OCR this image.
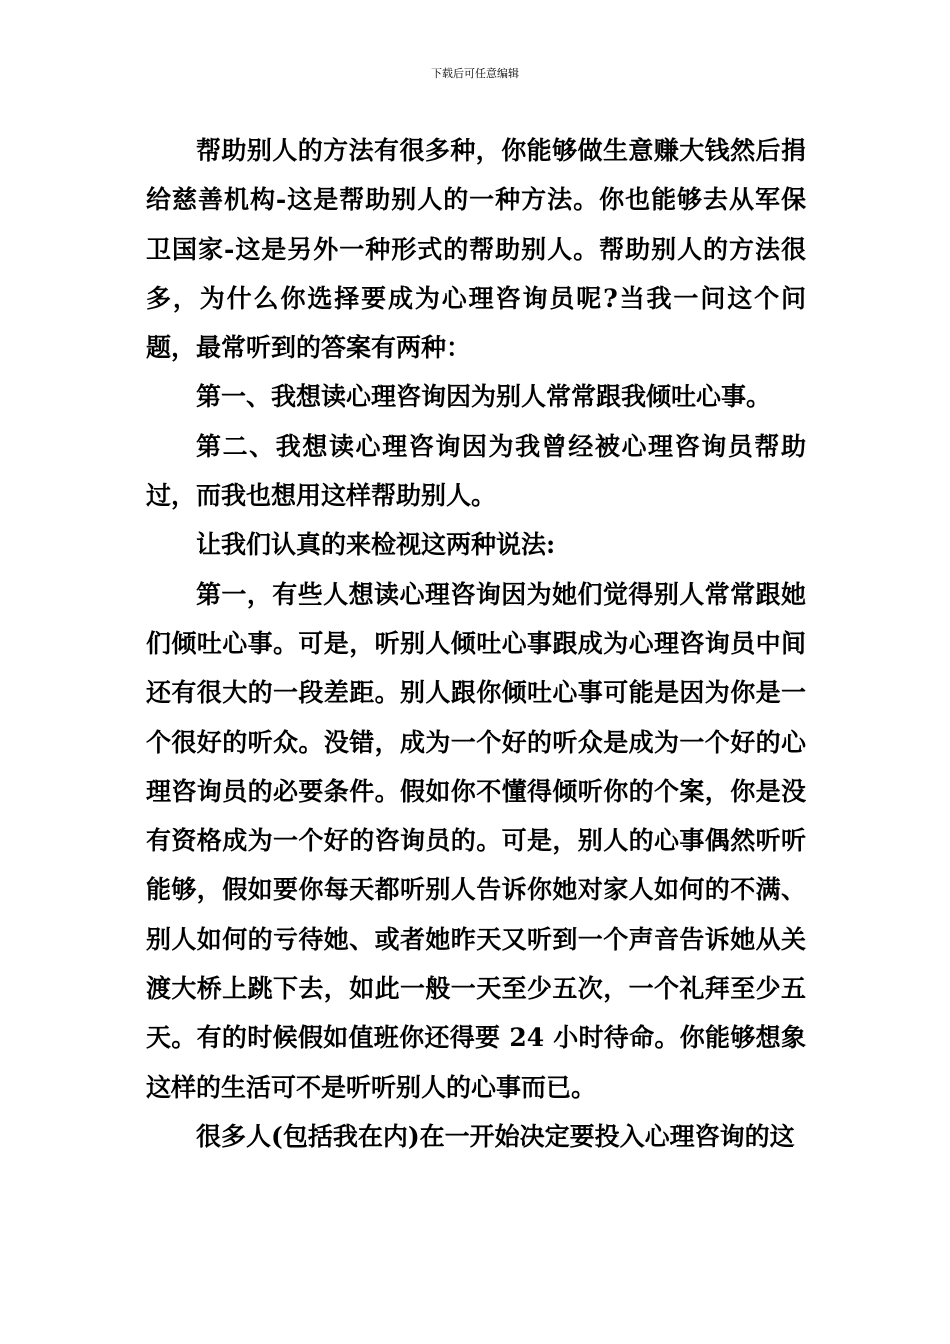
下载后可任意编辑

帮助别人的方法有很多种，你能够做生意赚大钱然后捐给慈善机构-这是帮助别人的一种方法。你也能够去从军保卫国家-这是另外一种形式的帮助别人。帮助别人的方法很多，为什么你选择要成为心理咨询员呢?当我一问这个问题，最常听到的答案有两种：

第一、我想读心理咨询因为别人常常跟我倾吐心事。

第二、我想读心理咨询因为我曾经被心理咨询员帮助过，而我也想用这样帮助别人。

让我们认真的来检视这两种说法:

第一，有些人想读心理咨询因为她们觉得别人常常跟她们倾吐心事。可是，听别人倾吐心事跟成为心理咨询员中间还有很大的一段差距。别人跟你倾吐心事可能是因为你是一个很好的听众。没错，成为一个好的听众是成为一个好的心理咨询员的必要条件。假如你不懂得倾听你的个案，你是没有资格成为一个好的咨询员的。可是，别人的心事偶然听听能够，假如要你每天都听别人告诉你她对家人如何的不满、别人如何的亏待她、或者她昨天又听到一个声音告诉她从关渡大桥上跳下去，如此一般一天至少五次，一个礼拜至少五天。有的时候假如值班你还得要 24 小时待命。你能够想象这样的生活可不是听听别人的心事而已。

很多人(包括我在内)在一开始决定要投入心理咨询的这
